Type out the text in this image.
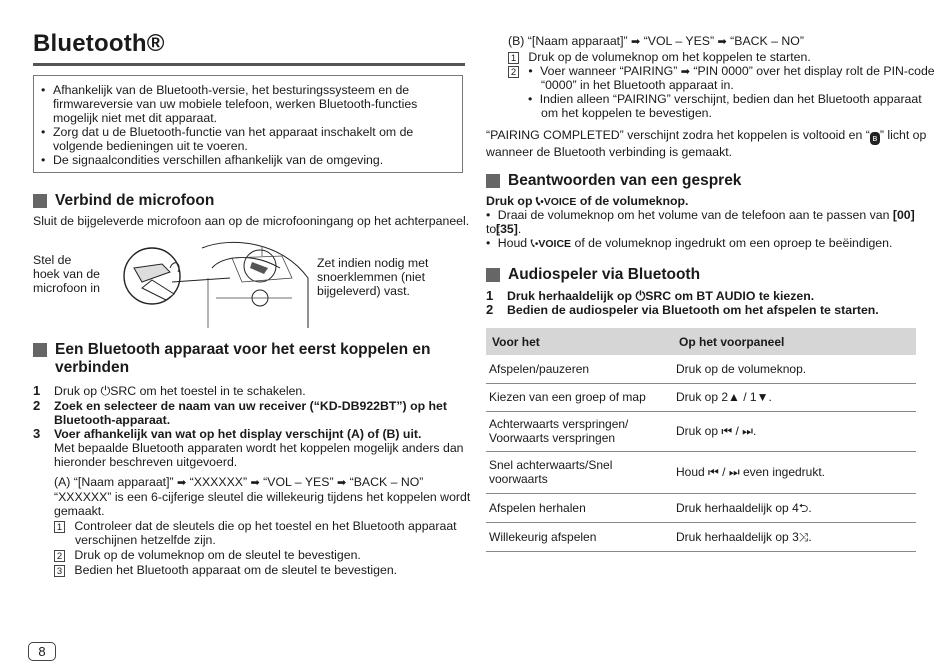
Bluetooth®
• Afhankelijk van de Bluetooth-versie, het besturingssysteem en de firmwareversie van uw mobiele telefoon, werken Bluetooth-functies mogelijk niet met dit apparaat.
• Zorg dat u de Bluetooth-functie van het apparaat inschakelt om de volgende bedieningen uit te voeren.
• De signaalcondities verschillen afhankelijk van de omgeving.
Verbind de microfoon
Sluit de bijgeleverde microfoon aan op de microfooningang op het achterpaneel.
Stel de
hoek van de
microfoon in
Zet indien nodig met
snoerklemmen (niet
bijgeleverd) vast.
Een Bluetooth apparaat voor het eerst koppelen en
verbinden
1 Druk op ⏻SRC om het toestel in te schakelen.
2 Zoek en selecteer de naam van uw receiver (“KD-DB922BT”) op het
Bluetooth-apparaat.
3 Voer afhankelijk van wat op het display verschijnt (A) of (B) uit.
Met bepaalde Bluetooth apparaten wordt het koppelen mogelijk anders dan
hieronder beschreven uitgevoerd.
(A) “[Naam apparaat]” ➡ “XXXXXX” ➡ “VOL – YES” ➡ “BACK – NO”
“XXXXXX” is een 6-cijferige sleutel die willekeurig tijdens het koppelen wordt
gemaakt.
1 Controleer dat de sleutels die op het toestel en het Bluetooth apparaat
verschijnen hetzelfde zijn.
2 Druk op de volumeknop om de sleutel te bevestigen.
3 Bedien het Bluetooth apparaat om de sleutel te bevestigen.
(B) “[Naam apparaat]” ➡ “VOL – YES” ➡ “BACK – NO”
1 Druk op de volumeknop om het koppelen te starten.
2 • Voer wanneer “PAIRING” ➡ “PIN 0000” over het display rolt de PIN-code
“0000” in het Bluetooth apparaat in.
• Indien alleen “PAIRING” verschijnt, bedien dan het Bluetooth apparaat
om het koppelen te bevestigen.
“PAIRING COMPLETED” verschijnt zodra het koppelen is voltooid en “ ʙ ” licht op
wanneer de Bluetooth verbinding is gemaakt.
Beantwoorden van een gesprek
Druk op 📞︎•VOICE of de volumeknop.
• Draai de volumeknop om het volume van de telefoon aan te passen van [00] tot
[35].
• Houd 📞︎•VOICE of de volumeknop ingedrukt om een oproep te beëindigen.
Audiospeler via Bluetooth
1 Druk herhaaldelijk op ⏻SRC om BT AUDIO te kiezen.
2 Bedien de audiospeler via Bluetooth om het afspelen te starten.
Voor het	Op het voorpaneel

Afspelen/pauzeren	Druk op de volumeknop.

Kiezen van een groep of map	Druk op 2▲ / 1▼.

Achterwaarts verspringen/
Voorwaarts verspringen	Druk op ⏮ / ⏭.

Snel achterwaarts/Snel
voorwaarts	Houd ⏮ / ⏭ even ingedrukt.

Afspelen herhalen	Druk herhaaldelijk op 4⮌.

Willekeurig afspelen	Druk herhaaldelijk op 3⤨.
8
